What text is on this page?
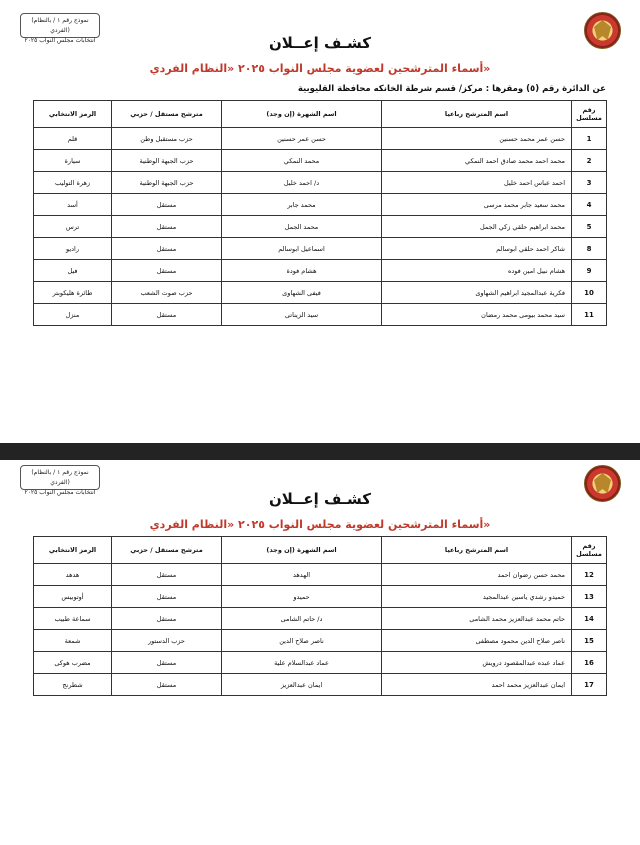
(نموذج رقم ١ / بالنظام الفردي)
انتخابات مجلس النواب ٢٠٢٥	كشـف إعــلان
أسماء المترشحين لعضوية مجلس النواب ٢٠٢٥ «النظام الفردي»
عن الدائرة رقم (٥) ومقرها : مركز/ قسم شرطة الخانكه محافظة القليوبية
رقم مسلسل	اسم المترشح رباعيا	اسم الشهرة (إن وجد)	مترشح مستقل / حزبي	الرمز الانتخابي
1	حسن عمر محمد حسنين	حسن عمر حسنين	حزب مستقبل وطن	قلم
2	محمد احمد محمد صادق احمد النمكي	محمد النمكي	حزب الجبهة الوطنية	سيارة
3	احمد عباس احمد خليل	د/ احمد خليل	حزب الجبهة الوطنية	زهرة التوليب
4	محمد سعيد جابر محمد مرسى	محمد جابر	مستقل	أسد
5	محمد ابراهيم حلقي زكي الجمل	محمد الجمل	مستقل	ترس
8	شاكر احمد حلقي ابوسالم	اسماعيل ابوسالم	مستقل	راديو
9	هشام نبيل امين فوده	هشام فودة	مستقل	فيل
10	فكرية عبدالمجيد ابراهيم الشهاوى	فيفى الشهاوى	حزب صوت الشعب	طائرة هليكوبتر
11	سيد محمد بيومى محمد رمضان	سيد الزيناتى	مستقل	منزل
(نموذج رقم ١ / بالنظام الفردي)
انتخابات مجلس النواب ٢٠٢٥	كشـف إعــلان
أسماء المترشحين لعضوية مجلس النواب ٢٠٢٥ «النظام الفردي»
رقم مسلسل	اسم المترشح رباعيا	اسم الشهرة (إن وجد)	مترشح مستقل / حزبي	الرمز الانتخابي
12	محمد حسن رضوان احمد	الهدهد	مستقل	هدهد
13	حميدو رشدي ياسين عبدالمجيد	حميدو	مستقل	أوتوبيس
14	حاتم محمد عبدالعزيز محمد الشامى	د/ حاتم الشامى	مستقل	سماعة طبيب
15	ناصر صلاح الدين محمود مصطفى	ناصر صلاح الدين	حزب الدستور	شمعة
16	عماد عبده عبدالمقصود درويش	عماد عبدالسلام علية	مستقل	مضرب هوكى
17	ايمان عبدالعزيز محمد احمد	ايمان عبدالعزيز	مستقل	شطرنج
